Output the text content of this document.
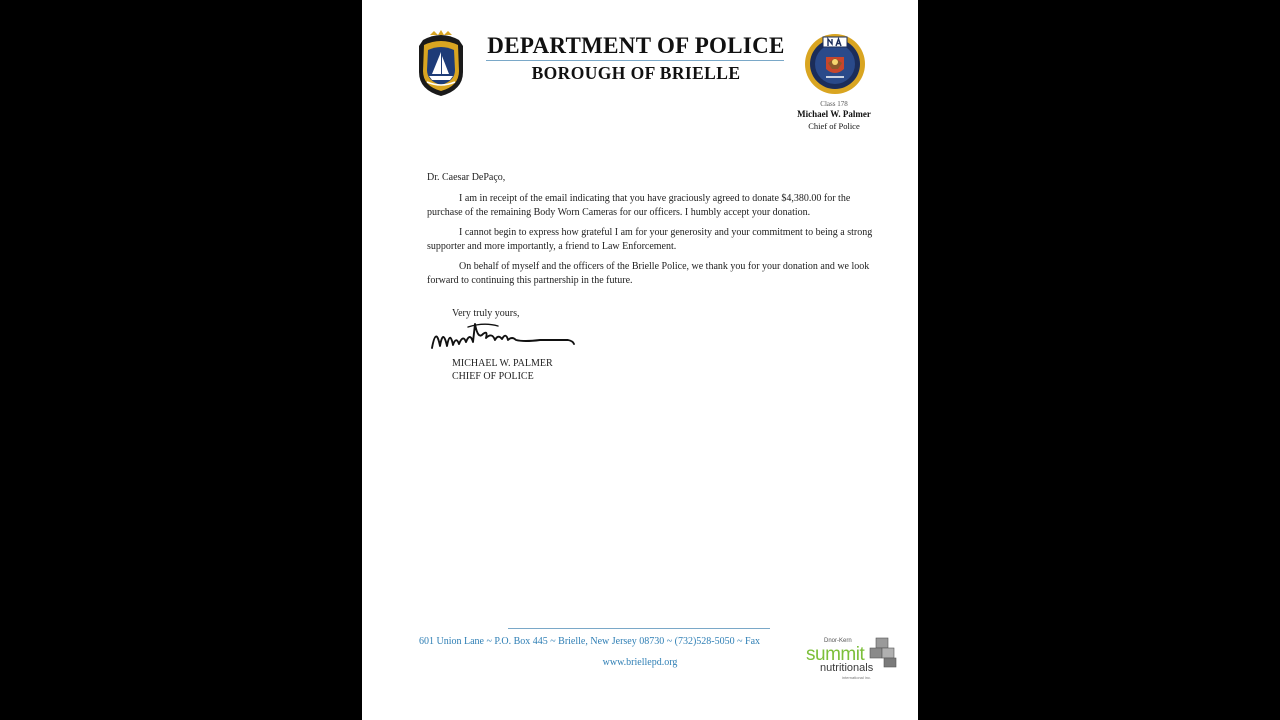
DEPARTMENT OF POLICE
BOROUGH OF BRIELLE
Class 178
Michael W. Palmer
Chief of Police
Dr. Caesar DePaço,

I am in receipt of the email indicating that you have graciously agreed to donate $4,380.00 for the purchase of the remaining Body Worn Cameras for our officers. I humbly accept your donation.

I cannot begin to express how grateful I am for your generosity and your commitment to being a strong supporter and more importantly, a friend to Law Enforcement.

On behalf of myself and the officers of the Brielle Police, we thank you for your donation and we look forward to continuing this partnership in the future.

Very truly yours,
MICHAEL W. PALMER
CHIEF OF POLICE
601 Union Lane ~ P.O. Box 445 ~ Brielle, New Jersey 08730 ~ (732)528-5050 ~ Fax
www.briellepd.org
Dnor-Kern
summit
nutritionals
international inc.
